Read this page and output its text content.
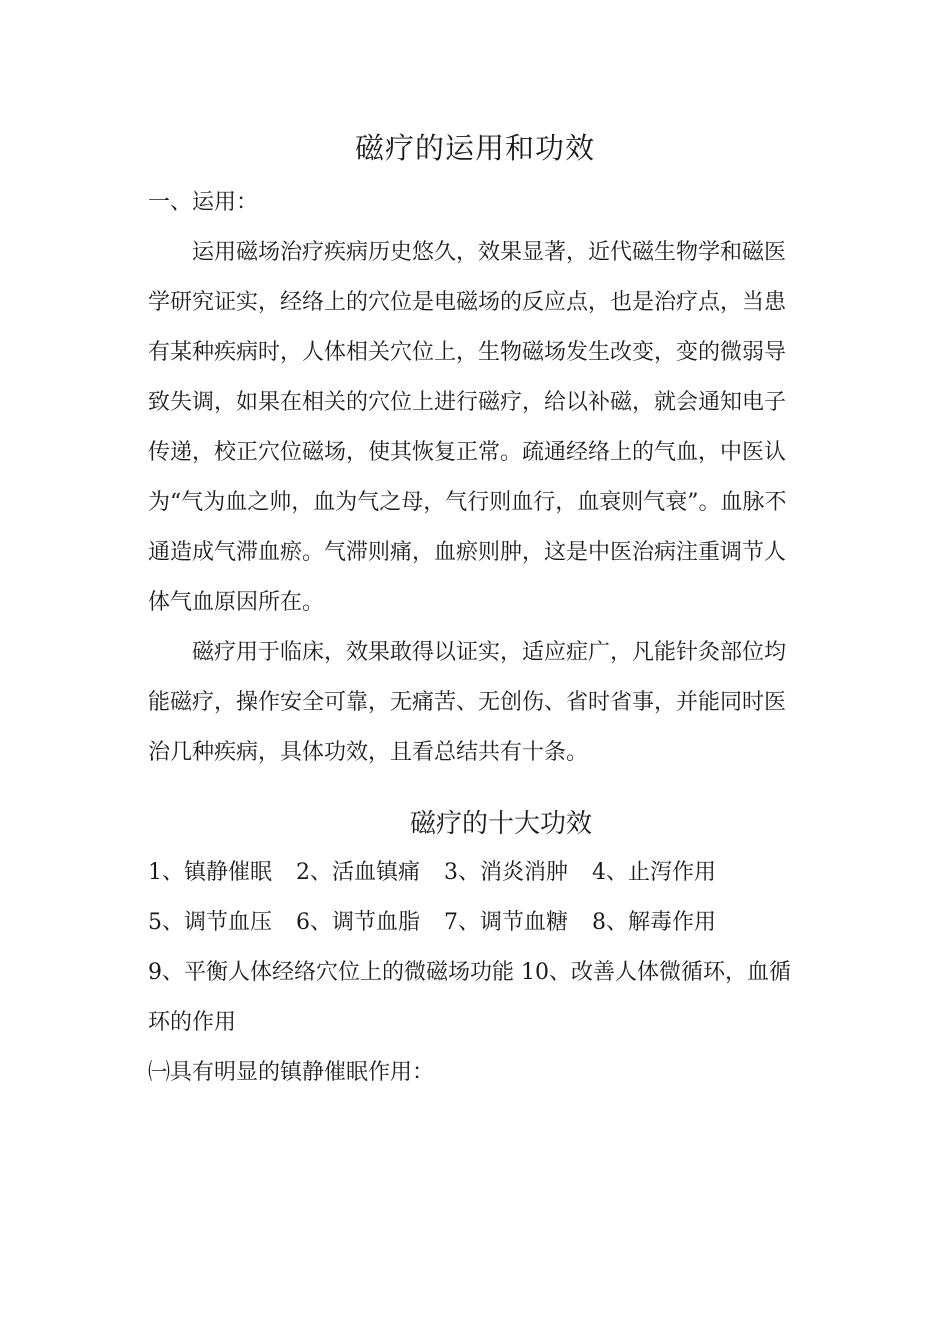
磁疗的运用和功效
一、运用：
运用磁场治疗疾病历史悠久，效果显著，近代磁生物学和磁医
学研究证实，经络上的穴位是电磁场的反应点，也是治疗点，当患
有某种疾病时，人体相关穴位上，生物磁场发生改变，变的微弱导
致失调，如果在相关的穴位上进行磁疗，给以补磁，就会通知电子
传递，校正穴位磁场，使其恢复正常。疏通经络上的气血，中医认
为“气为血之帅，血为气之母，气行则血行，血衰则气衰”。血脉不
通造成气滞血瘀。气滞则痛，血瘀则肿，这是中医治病注重调节人
体气血原因所在。
磁疗用于临床，效果敢得以证实，适应症广，凡能针灸部位均
能磁疗，操作安全可靠，无痛苦、无创伤、省时省事，并能同时医
治几种疾病，具体功效，且看总结共有十条。
磁疗的十大功效
1、镇静催眠 2、活血镇痛 3、消炎消肿 4、止泻作用
5、调节血压 6、调节血脂 7、调节血糖 8、解毒作用
9、平衡人体经络穴位上的微磁场功能 10、改善人体微循环，血循
环的作用
㈠具有明显的镇静催眠作用：
